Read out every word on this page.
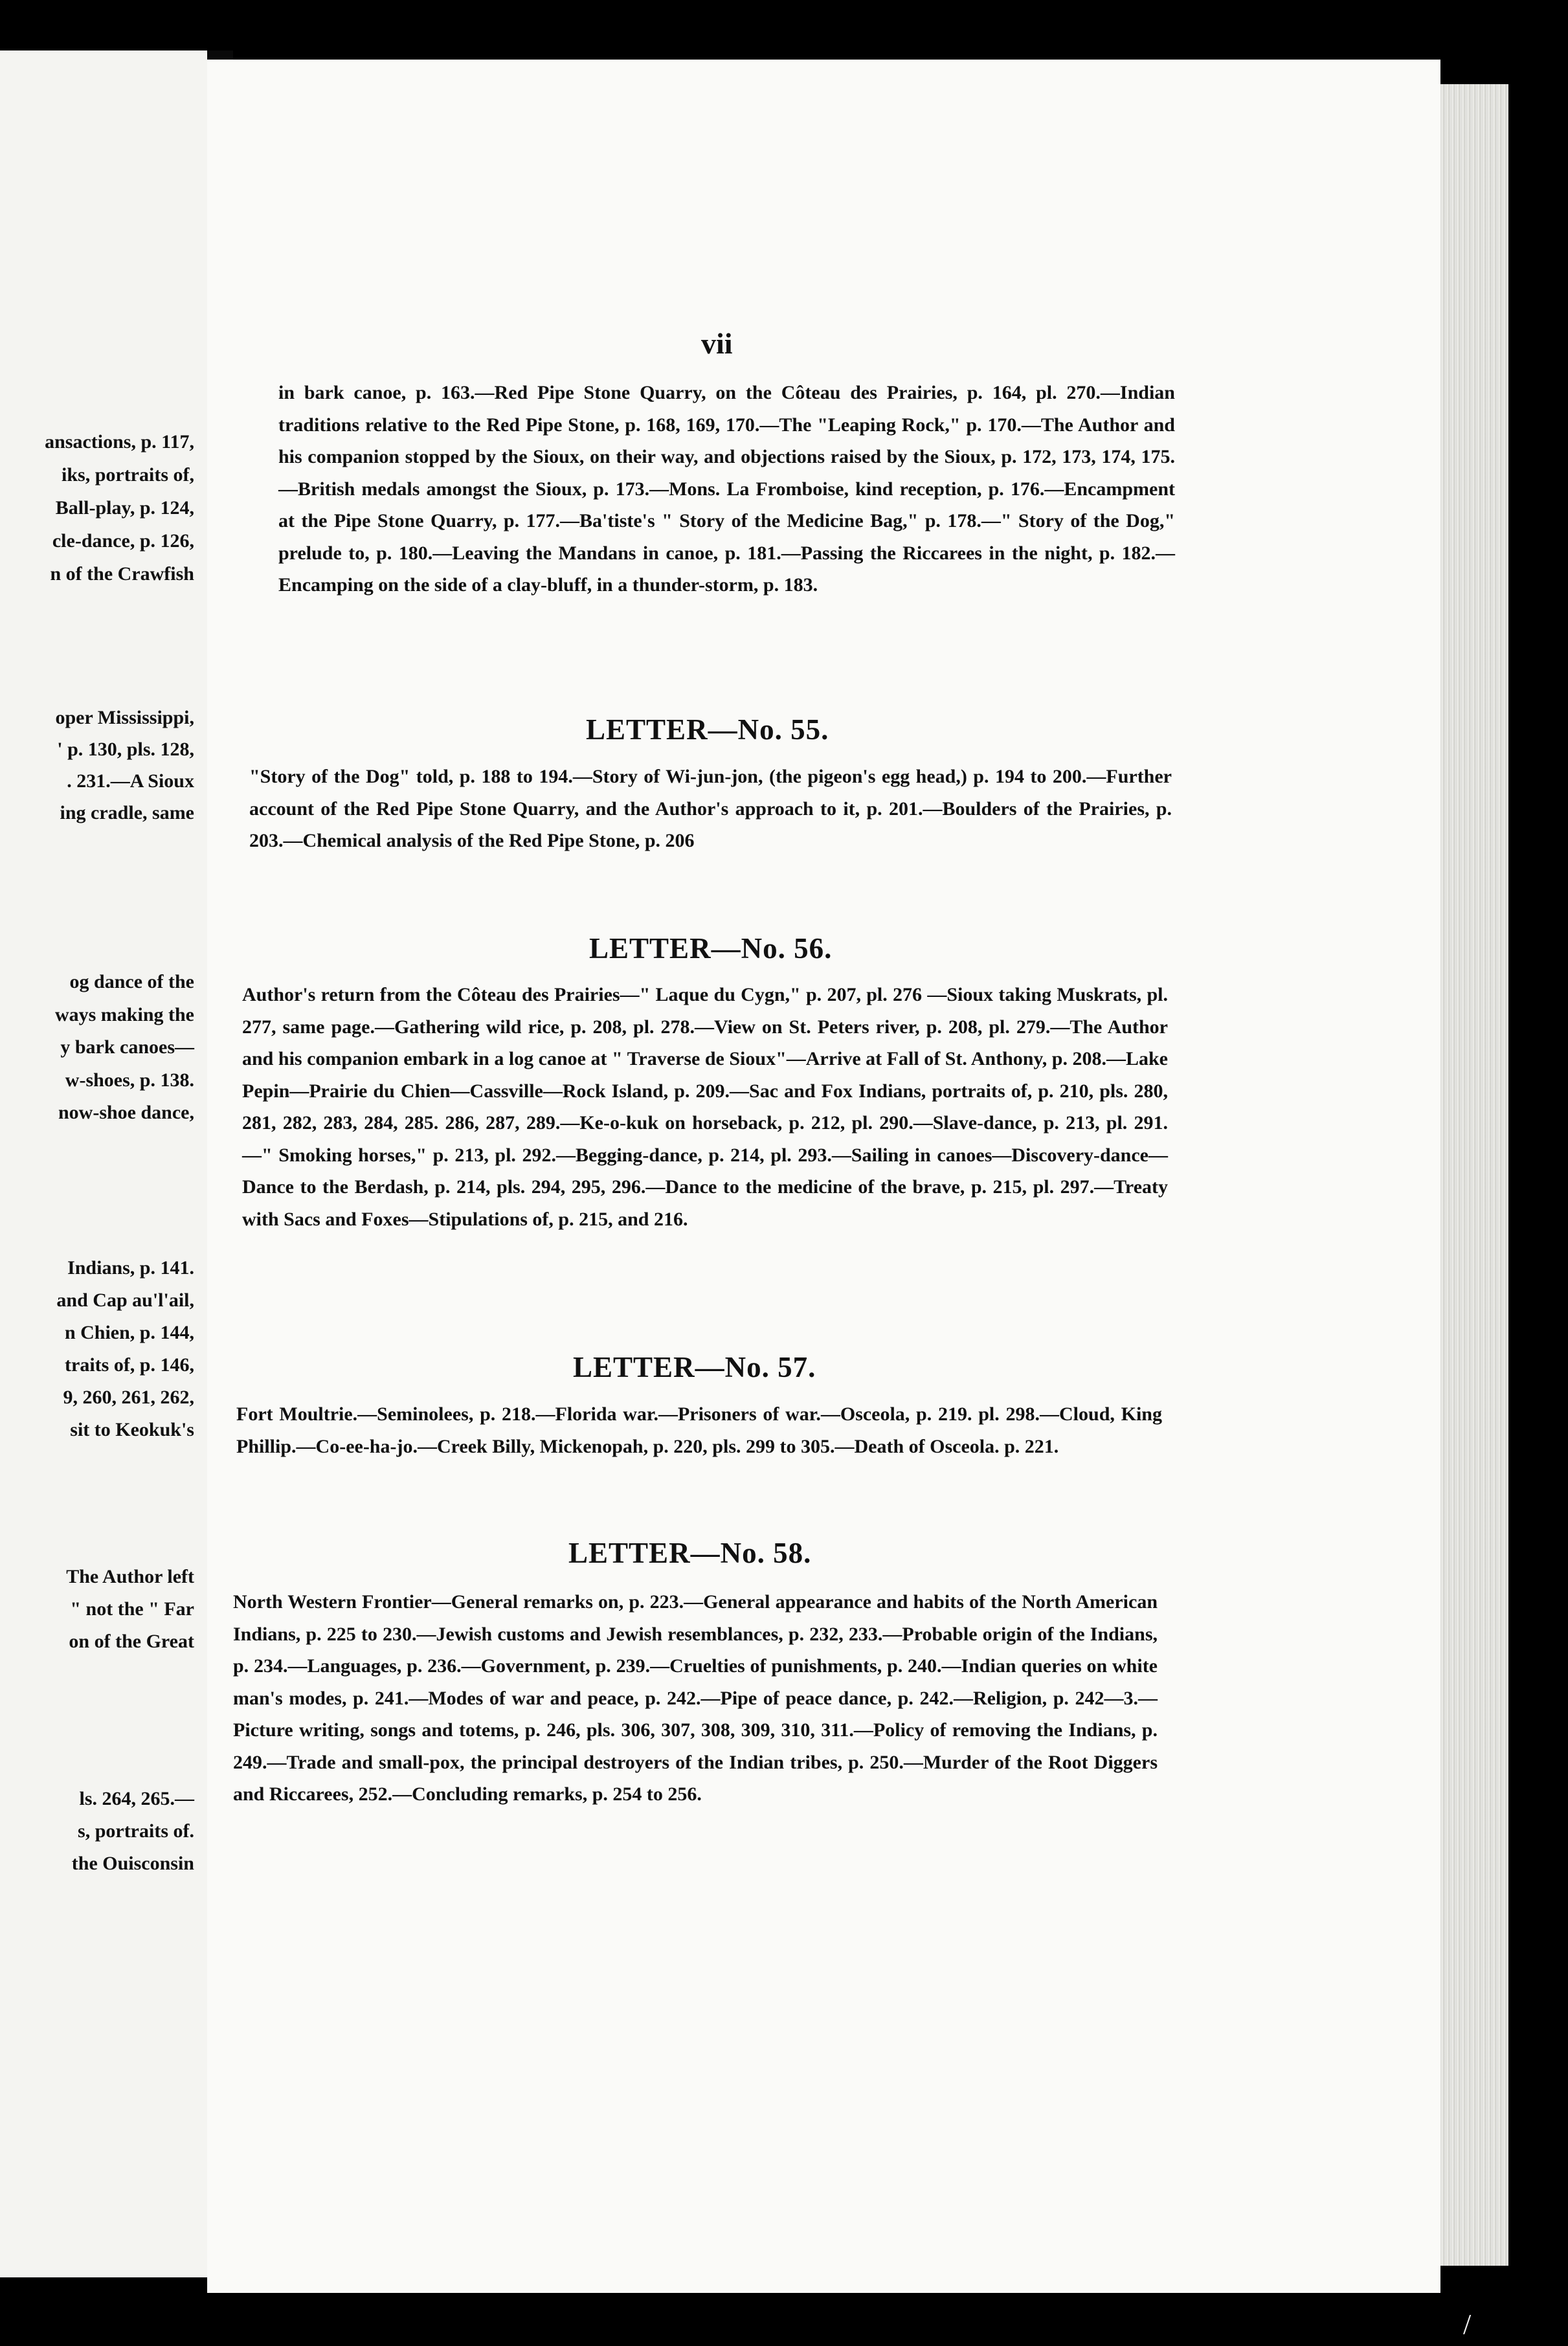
ansactions, p. 117,
iks, portraits of,
Ball-play, p. 124,
cle-dance, p. 126,
n of the Crawfish
oper Mississippi,
' p. 130, pls. 128,
. 231.—A Sioux
ing cradle, same
og dance of the
ways making the
y bark canoes—
w-shoes, p. 138.
now-shoe dance,
Indians, p. 141.
and Cap au'l'ail,
n Chien, p. 144,
traits of, p. 146,
9, 260, 261, 262,
sit to Keokuk's
The Author left
" not the " Far
on of the Great
ls. 264, 265.—
s, portraits of.
the Ouisconsin

vii

in bark canoe, p. 163.—Red Pipe Stone Quarry, on the Côteau des Prairies, p. 164, pl. 270.—Indian traditions relative to the Red Pipe Stone, p. 168, 169, 170.—The "Leaping Rock," p. 170.—The Author and his companion stopped by the Sioux, on their way, and objections raised by the Sioux, p. 172, 173, 174, 175.—British medals amongst the Sioux, p. 173.—Mons. La Fromboise, kind reception, p. 176.—Encampment at the Pipe Stone Quarry, p. 177.—Ba'tiste's " Story of the Medicine Bag," p. 178.—" Story of the Dog," prelude to, p. 180.—Leaving the Mandans in canoe, p. 181.—Passing the Riccarees in the night, p. 182.—Encamping on the side of a clay-bluff, in a thunder-storm, p. 183.

LETTER—No. 55.

"Story of the Dog" told, p. 188 to 194.—Story of Wi-jun-jon, (the pigeon's egg head,) p. 194 to 200.—Further account of the Red Pipe Stone Quarry, and the Author's approach to it, p. 201.—Boulders of the Prairies, p. 203.—Chemical analysis of the Red Pipe Stone, p. 206

LETTER—No. 56.

Author's return from the Côteau des Prairies—" Laque du Cygn," p. 207, pl. 276 —Sioux taking Muskrats, pl. 277, same page.—Gathering wild rice, p. 208, pl. 278.—View on St. Peters river, p. 208, pl. 279.—The Author and his companion embark in a log canoe at " Traverse de Sioux"—Arrive at Fall of St. Anthony, p. 208.—Lake Pepin—Prairie du Chien—Cassville—Rock Island, p. 209.—Sac and Fox Indians, portraits of, p. 210, pls. 280, 281, 282, 283, 284, 285. 286, 287, 289.—Ke-o-kuk on horseback, p. 212, pl. 290.—Slave-dance, p. 213, pl. 291.—" Smoking horses," p. 213, pl. 292.—Begging-dance, p. 214, pl. 293.—Sailing in canoes—Discovery-dance—Dance to the Berdash, p. 214, pls. 294, 295, 296.—Dance to the medicine of the brave, p. 215, pl. 297.—Treaty with Sacs and Foxes—Stipulations of, p. 215, and 216.

LETTER—No. 57.

Fort Moultrie.—Seminolees, p. 218.—Florida war.—Prisoners of war.—Osceola, p. 219. pl. 298.—Cloud, King Phillip.—Co-ee-ha-jo.—Creek Billy, Mickenopah, p. 220, pls. 299 to 305.—Death of Osceola. p. 221.

LETTER—No. 58.

North Western Frontier—General remarks on, p. 223.—General appearance and habits of the North American Indians, p. 225 to 230.—Jewish customs and Jewish resemblances, p. 232, 233.—Probable origin of the Indians, p. 234.—Languages, p. 236.—Government, p. 239.—Cruelties of punishments, p. 240.—Indian queries on white man's modes, p. 241.—Modes of war and peace, p. 242.—Pipe of peace dance, p. 242.—Religion, p. 242—3.—Picture writing, songs and totems, p. 246, pls. 306, 307, 308, 309, 310, 311.—Policy of removing the Indians, p. 249.—Trade and small-pox, the principal destroyers of the Indian tribes, p. 250.—Murder of the Root Diggers and Riccarees, 252.—Concluding remarks, p. 254 to 256.

/
